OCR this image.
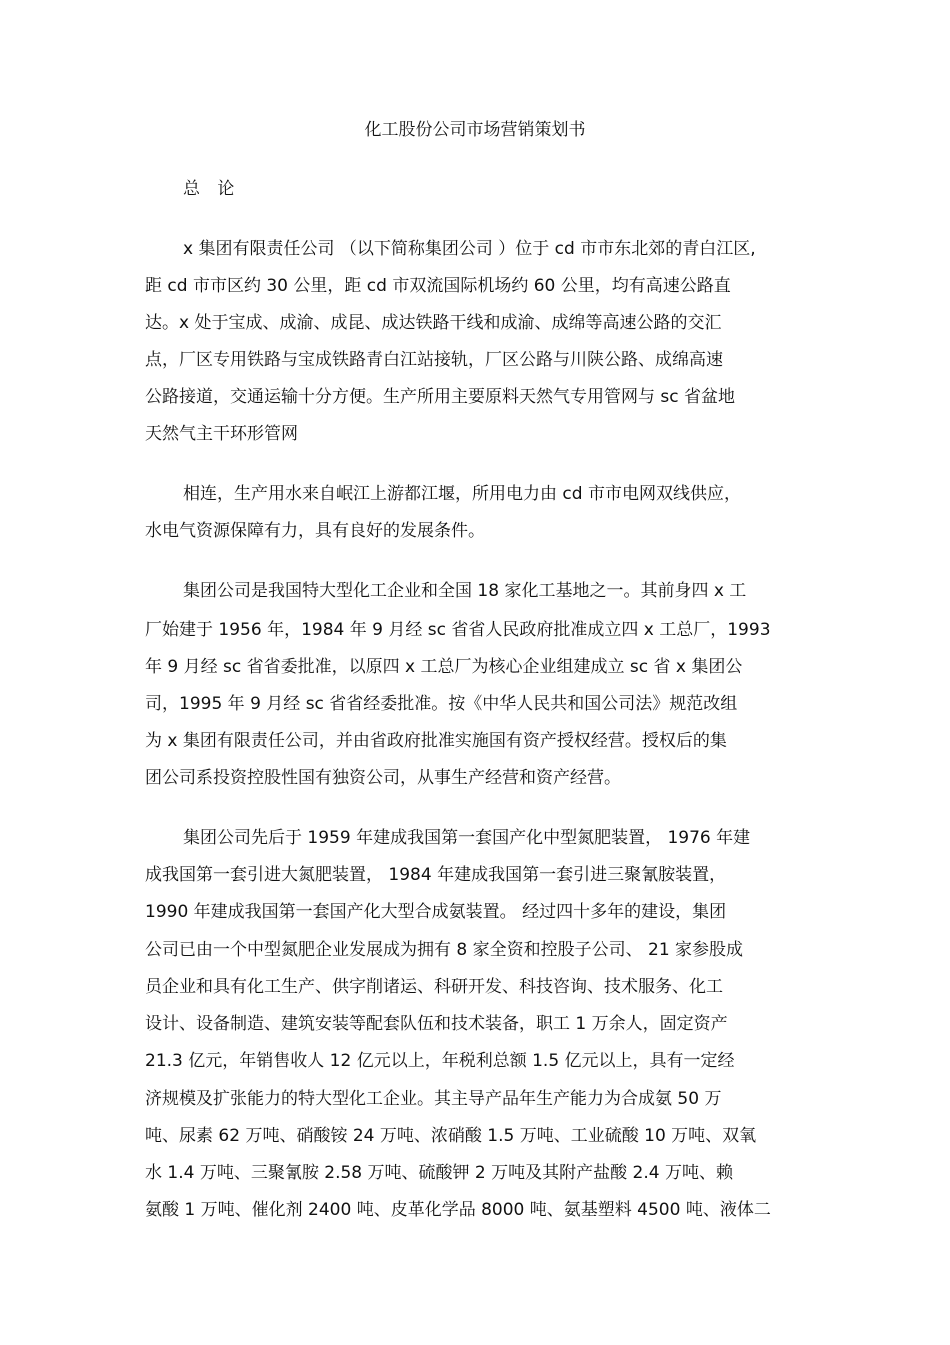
化工股份公司市场营销策划书
总 论
x 集团有限责任公司 （以下简称集团公司 ）位于 cd 市市东北郊的青白江区,
距 cd 市市区约 30 公里，距 cd 市双流国际机场约 60 公里，均有高速公路直
达。x 处于宝成、成渝、成昆、成达铁路干线和成渝、成绵等高速公路的交汇
点，厂区专用铁路与宝成铁路青白江站接轨，厂区公路与川陕公路、成绵高速
公路接道，交通运输十分方便。生产所用主要原料天然气专用管网与 sc 省盆地
天然气主干环形管网
相连，生产用水来自岷江上游都江堰，所用电力由 cd 市市电网双线供应，
水电气资源保障有力，具有良好的发展条件。
集团公司是我国特大型化工企业和全国 18 家化工基地之一。其前身四 x 工
厂始建于 1956 年，1984 年 9 月经 sc 省省人民政府批准成立四 x 工总厂，1993
年 9 月经 sc 省省委批准，以原四 x 工总厂为核心企业组建成立 sc 省 x 集团公
司，1995 年 9 月经 sc 省省经委批准。按《中华人民共和国公司法》规范改组
为 x 集团有限责任公司，并由省政府批准实施国有资产授权经营。授权后的集
团公司系投资控股性国有独资公司，从事生产经营和资产经营。
集团公司先后于 1959 年建成我国第一套国产化中型氮肥装置， 1976 年建
成我国第一套引进大氮肥装置， 1984 年建成我国第一套引进三聚氰胺装置，
1990 年建成我国第一套国产化大型合成氨装置。 经过四十多年的建设，集团
公司已由一个中型氮肥企业发展成为拥有 8 家全资和控股子公司、 21 家参股成
员企业和具有化工生产、供字削诸运、科研开发、科技咨询、技术服务、化工
设计、设备制造、建筑安装等配套队伍和技术装备，职工 1 万余人，固定资产
21.3 亿元，年销售收人 12 亿元以上，年税利总额 1.5 亿元以上，具有一定经
济规模及扩张能力的特大型化工企业。其主导产品年生产能力为合成氨 50 万
吨、尿素 62 万吨、硝酸铵 24 万吨、浓硝酸 1.5 万吨、工业硫酸 10 万吨、双氧
水 1.4 万吨、三聚氰胺 2.58 万吨、硫酸钾 2 万吨及其附产盐酸 2.4 万吨、赖
氨酸 1 万吨、催化剂 2400 吨、皮革化学品 8000 吨、氨基塑料 4500 吨、液体二
